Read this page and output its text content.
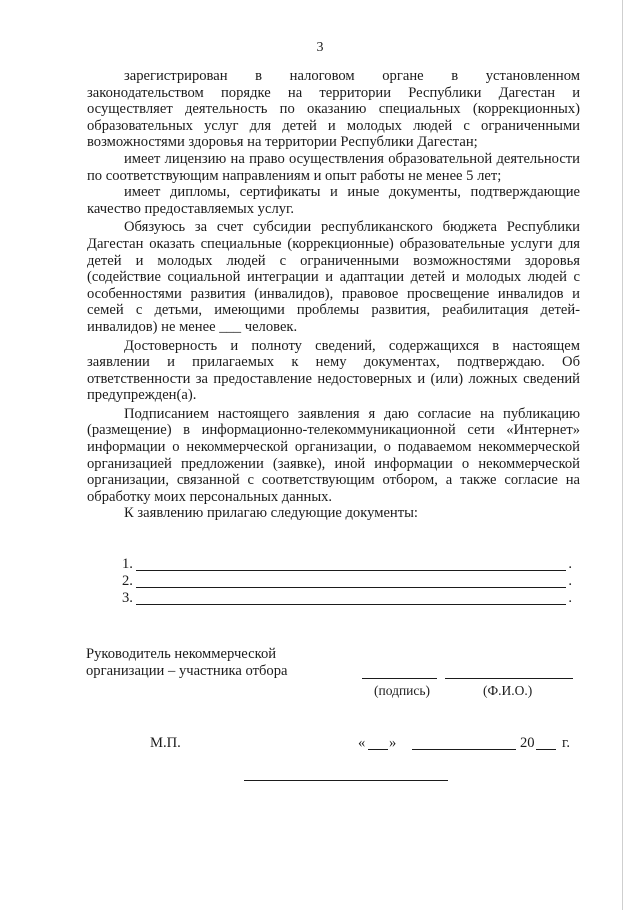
3

зарегистрирован в налоговом органе в установленном законодательством порядке на территории Республики Дагестан и осуществляет деятельность по оказанию специальных (коррекционных) образовательных услуг для детей и молодых людей с ограниченными возможностями здоровья на территории Республики Дагестан;

имеет лицензию на право осуществления образовательной деятельности по соответствующим направлениям и опыт работы не менее 5 лет;

имеет дипломы, сертификаты и иные документы, подтверждающие качество предоставляемых услуг.

Обязуюсь за счет субсидии республиканского бюджета Республики Дагестан оказать специальные (коррекционные) образовательные услуги для детей и молодых людей с ограниченными возможностями здоровья (содействие социальной интеграции и адаптации детей и молодых людей с особенностями развития (инвалидов), правовое просвещение инвалидов и семей с детьми, имеющими проблемы развития, реабилитация детей-инвалидов) не менее ___ человек.

Достоверность и полноту сведений, содержащихся в настоящем заявлении и прилагаемых к нему документах, подтверждаю. Об ответственности за предоставление недостоверных и (или) ложных сведений предупрежден(а).

Подписанием настоящего заявления я даю согласие на публикацию (размещение) в информационно-телекоммуникационной сети «Интернет» информации о некоммерческой организации, о подаваемом некоммерческой организацией предложении (заявке), иной информации о некоммерческой организации, связанной с соответствующим отбором, а также согласие на обработку моих персональных данных.

К заявлению прилагаю следующие документы:

1.	.
2.	.
3.	.
Руководитель некоммерческой
организации – участника отбора
(подпись)	(Ф.И.О.)
М.П.	« »	20 г.
